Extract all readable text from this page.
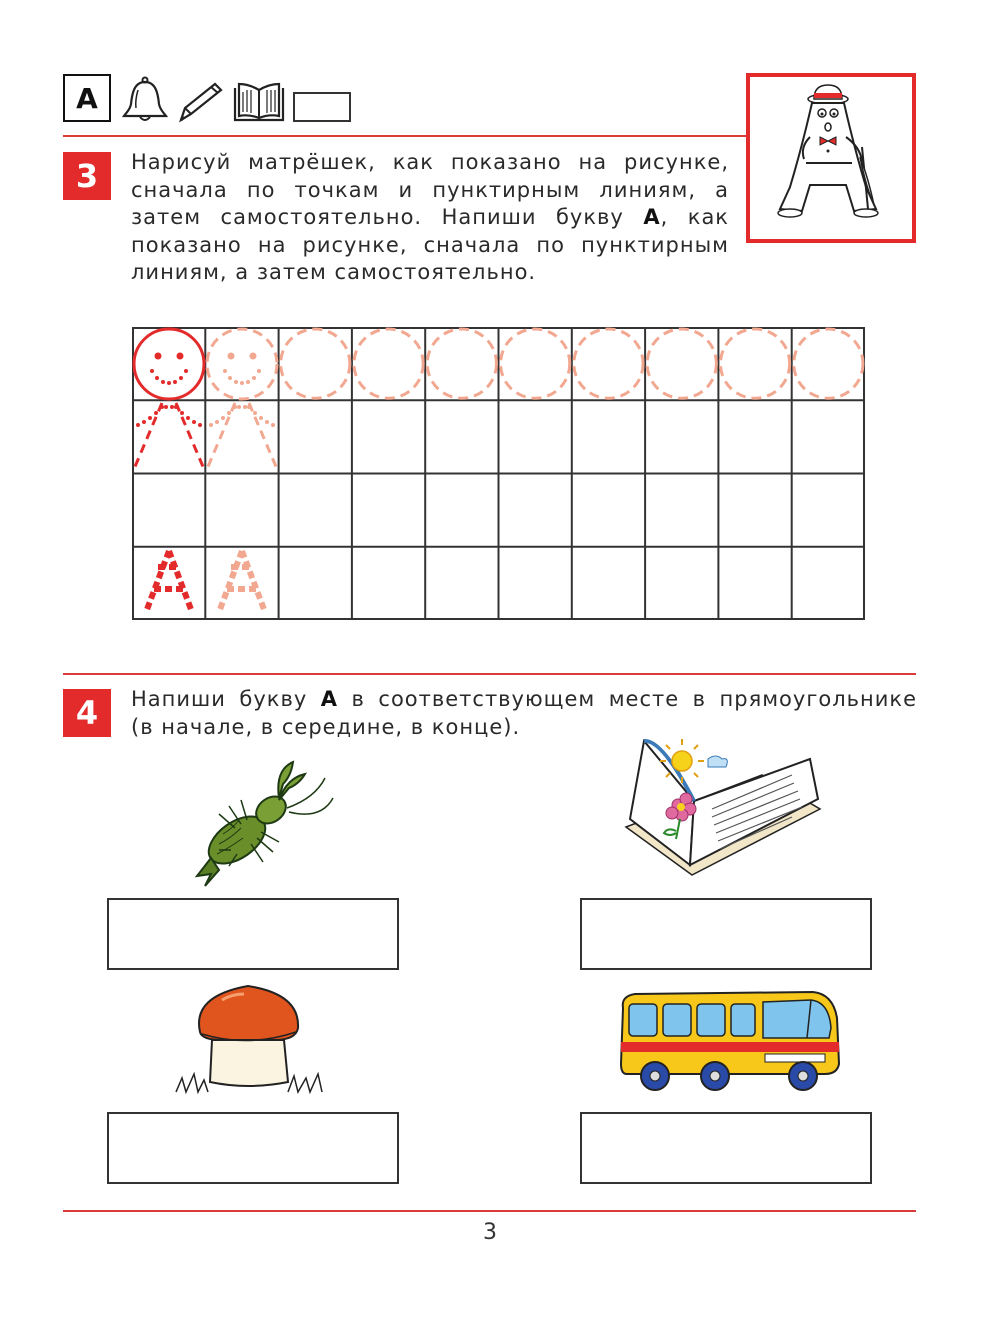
А
3	Нарисуй матрёшек, как показано на рисунке,
сначала по точкам и пунктирным линиям, а
затем самостоятельно. Напиши букву А, как
показано на рисунке, сначала по пунктирным
линиям, а затем самостоятельно.
4	Напиши букву А в соответствующем месте в прямоугольнике
(в начале, в середине, в конце).
3
